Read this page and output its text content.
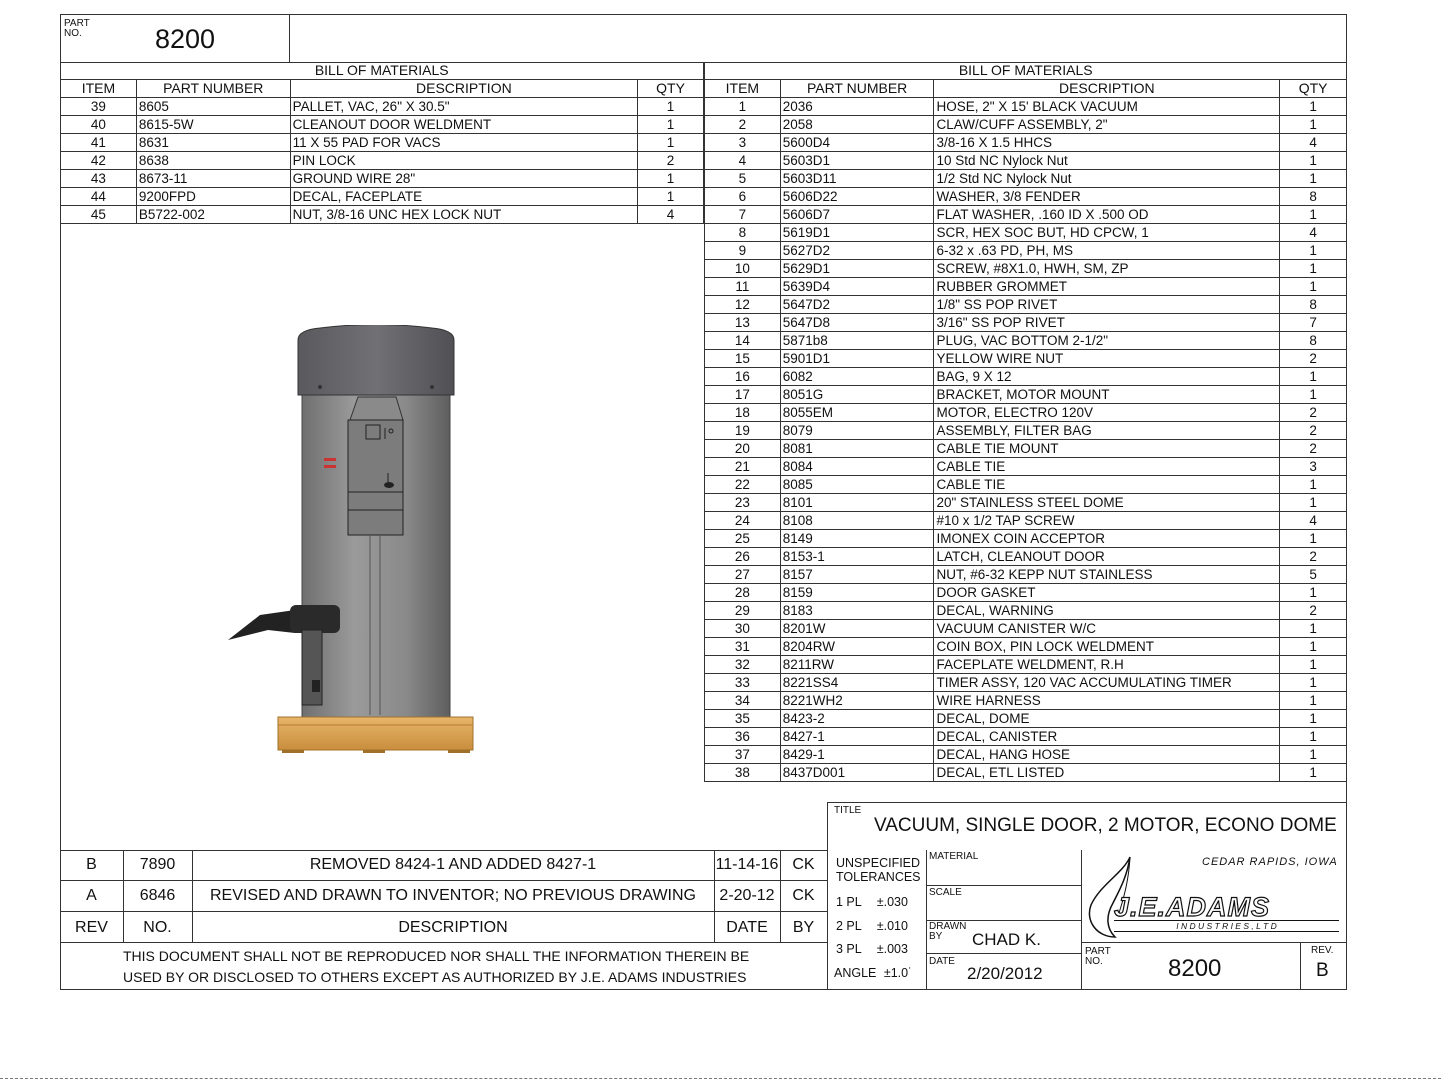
PART
NO.	8200
BILL OF MATERIALS			
ITEM	PART NUMBER	DESCRIPTION	QTY
39	8605	PALLET, VAC, 26" X 30.5"	1
40	8615-5W	CLEANOUT DOOR WELDMENT	1
41	8631	11 X 55 PAD FOR VACS	1
42	8638	PIN LOCK	2
43	8673-11	GROUND WIRE 28"	1
44	9200FPD	DECAL, FACEPLATE	1
45	B5722-002	NUT, 3/8-16 UNC HEX LOCK NUT	4
BILL OF MATERIALS			
ITEM	PART NUMBER	DESCRIPTION	QTY
1	2036	HOSE, 2" X 15' BLACK VACUUM	1
2	2058	CLAW/CUFF ASSEMBLY, 2"	1
3	5600D4	3/8-16 X 1.5 HHCS	4
4	5603D1	10 Std NC Nylock Nut	1
5	5603D11	1/2 Std NC Nylock Nut	1
6	5606D22	WASHER, 3/8 FENDER	8
7	5606D7	FLAT WASHER, .160 ID X .500 OD	1
8	5619D1	SCR, HEX SOC BUT, HD CPCW, 1	4
9	5627D2	6-32 x .63 PD, PH, MS	1
10	5629D1	SCREW, #8X1.0, HWH, SM, ZP	1
11	5639D4	RUBBER GROMMET	1
12	5647D2	1/8" SS POP RIVET	8
13	5647D8	3/16" SS POP RIVET	7
14	5871b8	PLUG, VAC BOTTOM 2-1/2"	8
15	5901D1	YELLOW WIRE NUT	2
16	6082	BAG, 9 X 12	1
17	8051G	BRACKET, MOTOR MOUNT	1
18	8055EM	MOTOR, ELECTRO 120V	2
19	8079	ASSEMBLY, FILTER BAG	2
20	8081	CABLE TIE MOUNT	2
21	8084	CABLE TIE	3
22	8085	CABLE TIE	1
23	8101	20" STAINLESS STEEL DOME	1
24	8108	#10 x 1/2 TAP SCREW	4
25	8149	IMONEX COIN ACCEPTOR	1
26	8153-1	LATCH, CLEANOUT DOOR	2
27	8157	NUT, #6-32 KEPP NUT STAINLESS	5
28	8159	DOOR GASKET	1
29	8183	DECAL, WARNING	2
30	8201W	VACUUM CANISTER W/C	1
31	8204RW	COIN BOX, PIN LOCK WELDMENT	1
32	8211RW	FACEPLATE WELDMENT, R.H	1
33	8221SS4	TIMER ASSY, 120 VAC ACCUMULATING TIMER	1
34	8221WH2	WIRE HARNESS	1
35	8423-2	DECAL, DOME	1
36	8427-1	DECAL, CANISTER	1
37	8429-1	DECAL, HANG HOSE	1
38	8437D001	DECAL, ETL LISTED	1
B	7890	REMOVED 8424-1 AND ADDED 8427-1	11-14-16 CK
A	6846	REVISED AND DRAWN TO INVENTOR; NO PREVIOUS DRAWING	2-20-12	CK
REV	NO.	DESCRIPTION	DATE	BY
THIS DOCUMENT SHALL NOT BE REPRODUCED NOR SHALL THE INFORMATION THEREIN BE
USED BY OR DISCLOSED TO OTHERS EXCEPT AS AUTHORIZED BY J.E. ADAMS INDUSTRIES
TITLE
VACUUM, SINGLE DOOR, 2 MOTOR, ECONO DOME
UNSPECIFIED
TOLERANCES
1 PL ±.030
2 PL ±.010
3 PL ±.003
ANGLE ±1.0˙
MATERIAL
SCALE
DRAWN
BY	CHAD K.
DATE
2/20/2012
CEDAR RAPIDS, IOWA
J.E.ADAMS
I N D U S T R I E S , L T D
PART
NO.	8200
REV.
B
